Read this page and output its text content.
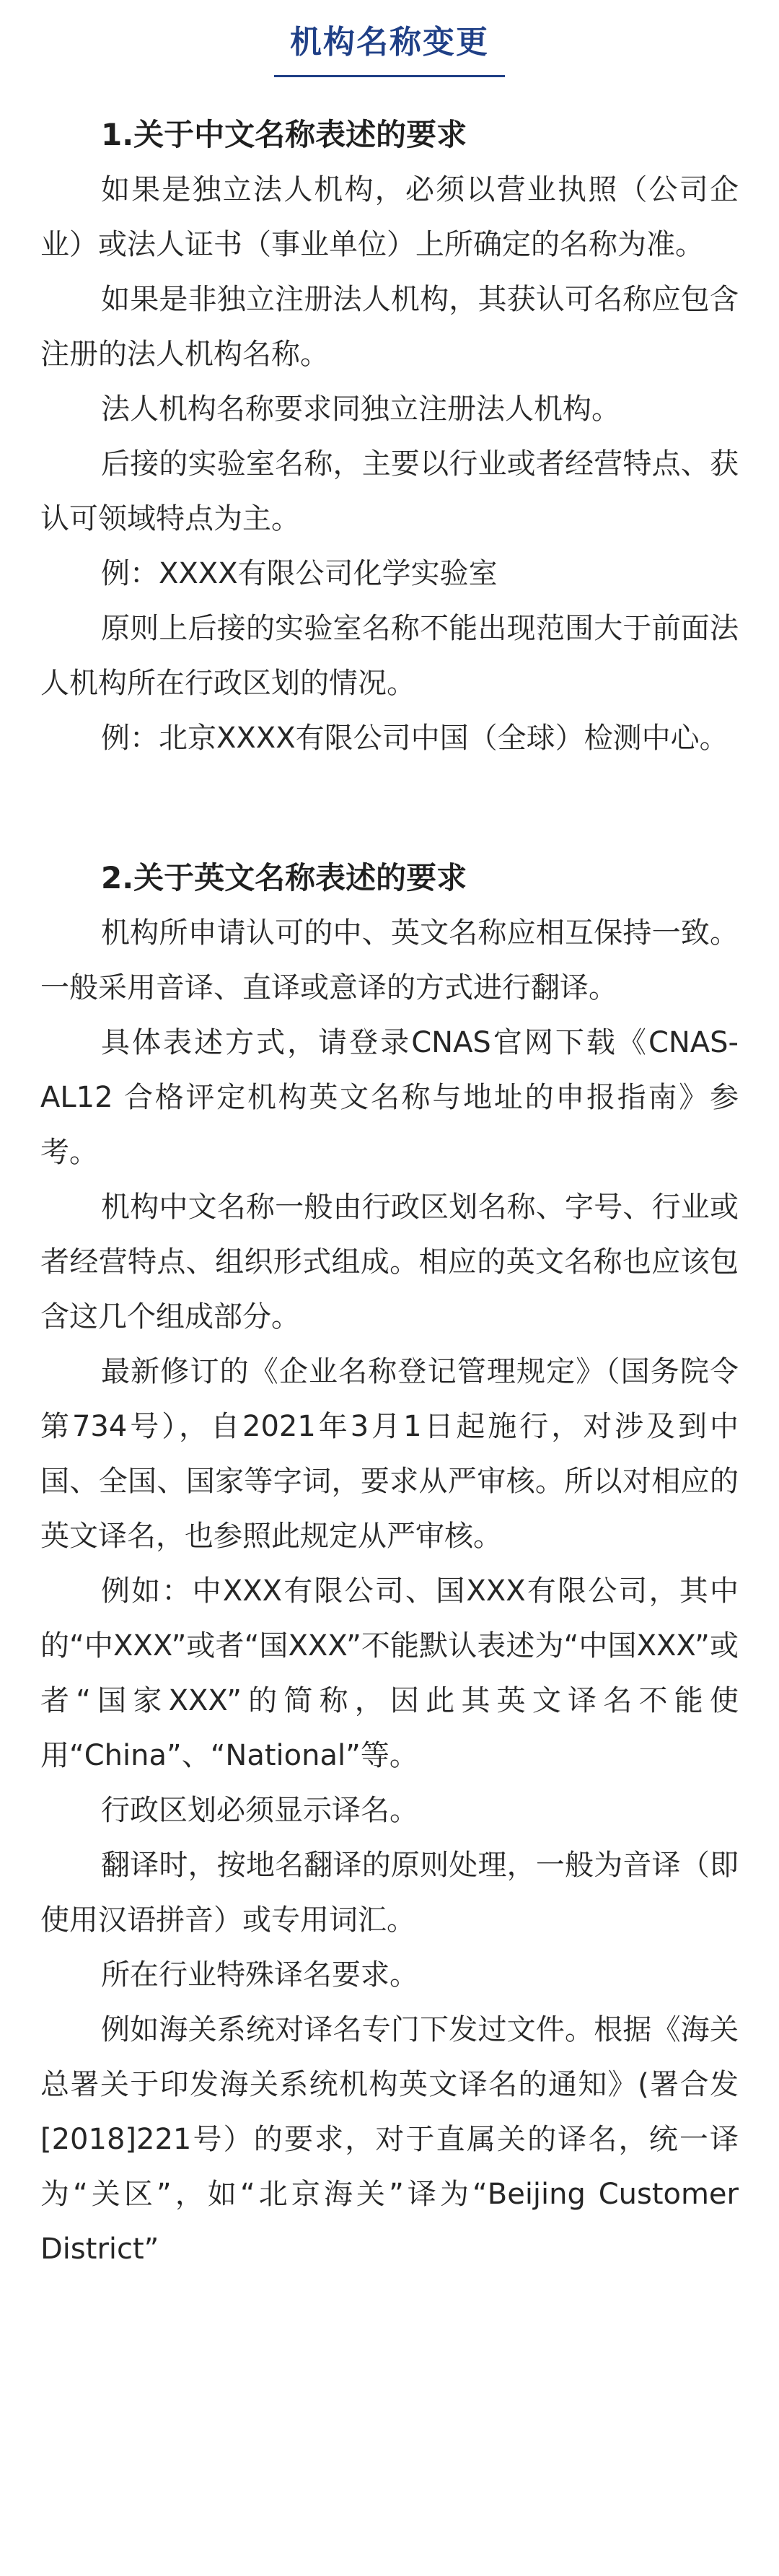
机构名称变更
1.关于中文名称表述的要求

如果是独立法人机构，必须以营业执照（公司企业）或法人证书（事业单位）上所确定的名称为准。

如果是非独立注册法人机构，其获认可名称应包含注册的法人机构名称。

法人机构名称要求同独立注册法人机构。

后接的实验室名称，主要以行业或者经营特点、获认可领域特点为主。

例：XXXX有限公司化学实验室

原则上后接的实验室名称不能出现范围大于前面法人机构所在行政区划的情况。

例：北京XXXX有限公司中国（全球）检测中心。

2.关于英文名称表述的要求

机构所申请认可的中、英文名称应相互保持一致。一般采用音译、直译或意译的方式进行翻译。

具体表述方式，请登录CNAS官网下载《CNAS-AL12 合格评定机构英文名称与地址的申报指南》参考。

机构中文名称一般由行政区划名称、字号、行业或者经营特点、组织形式组成。相应的英文名称也应该包含这几个组成部分。

最新修订的《企业名称登记管理规定》（国务院令第734号），自2021年3月1日起施行，对涉及到中国、全国、国家等字词，要求从严审核。所以对相应的英文译名，也参照此规定从严审核。

例如：中XXX有限公司、国XXX有限公司，其中的“中XXX”或者“国XXX”不能默认表述为“中国XXX”或者“国家XXX”的简称，因此其英文译名不能使用“China”、“National”等。

行政区划必须显示译名。

翻译时，按地名翻译的原则处理，一般为音译（即使用汉语拼音）或专用词汇。

所在行业特殊译名要求。

例如海关系统对译名专门下发过文件。根据《海关总署关于印发海关系统机构英文译名的通知》(署合发[2018]221号）的要求，对于直属关的译名，统一译为“关区”，如“北京海关”译为“Beijing Customer District”
